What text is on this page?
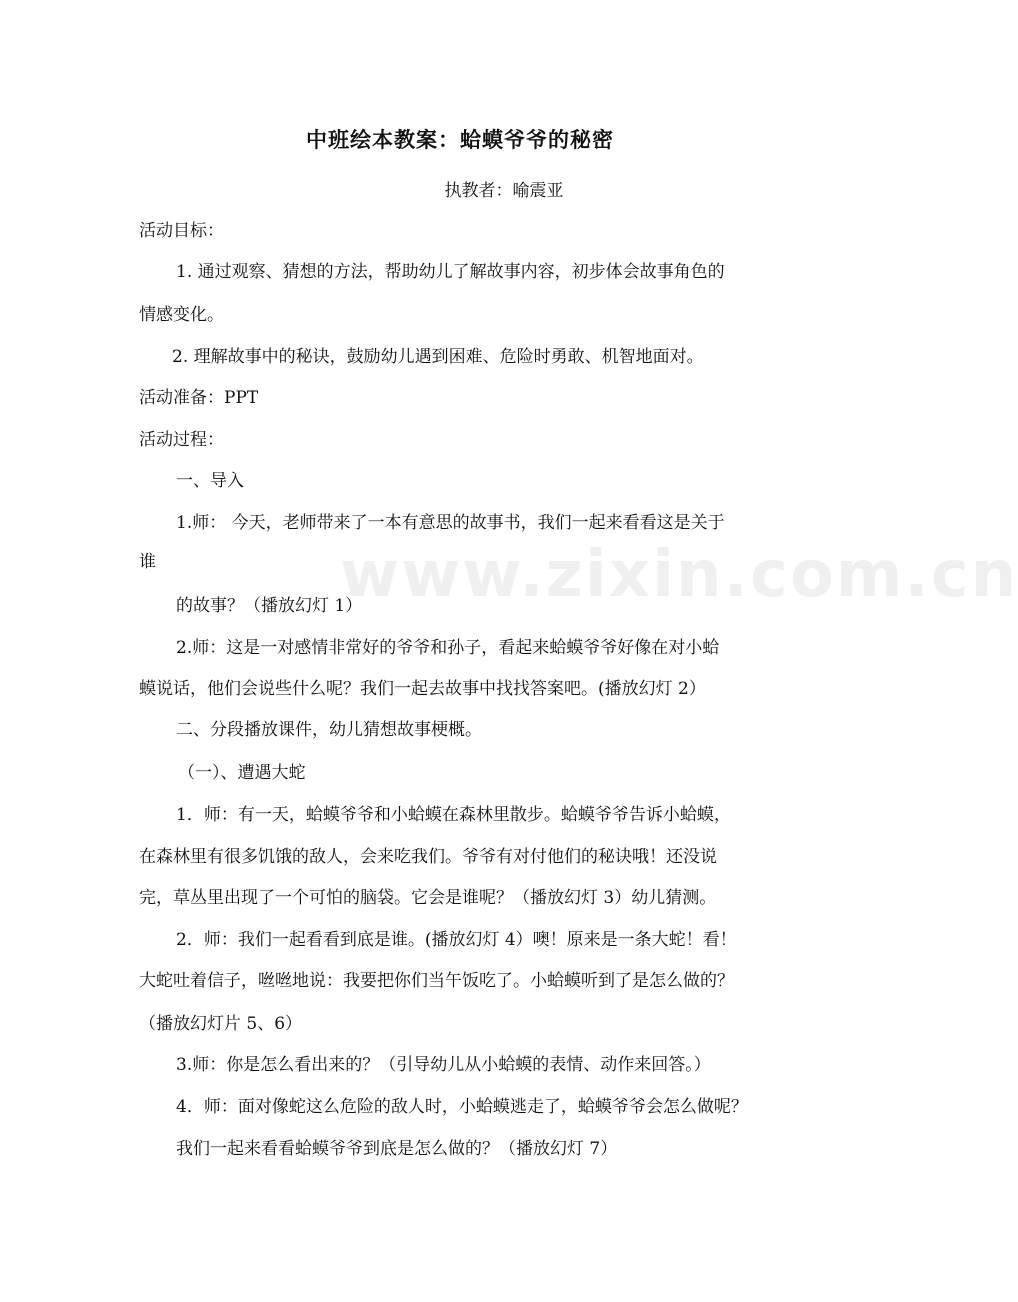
www.zixin.com.cn
中班绘本教案：蛤蟆爷爷的秘密
执教者：喻震亚
活动目标：
1. 通过观察、猜想的方法，帮助幼儿了解故事内容，初步体会故事角色的
情感变化。
2. 理解故事中的秘诀，鼓励幼儿遇到困难、危险时勇敢、机智地面对。
活动准备：PPT
活动过程：
一、导入
1.师： 今天，老师带来了一本有意思的故事书，我们一起来看看这是关于
谁
的故事？（播放幻灯 1）
2.师：这是一对感情非常好的爷爷和孙子，看起来蛤蟆爷爷好像在对小蛤
蟆说话，他们会说些什么呢？我们一起去故事中找找答案吧。(播放幻灯 2）
二、分段播放课件，幼儿猜想故事梗概。
（一）、遭遇大蛇
1．师：有一天，蛤蟆爷爷和小蛤蟆在森林里散步。蛤蟆爷爷告诉小蛤蟆，
在森林里有很多饥饿的敌人，会来吃我们。爷爷有对付他们的秘诀哦！还没说
完，草丛里出现了一个可怕的脑袋。它会是谁呢？（播放幻灯 3）幼儿猜测。
2．师：我们一起看看到底是谁。(播放幻灯 4）噢！原来是一条大蛇！看！
大蛇吐着信子，咝咝地说：我要把你们当午饭吃了。小蛤蟆听到了是怎么做的？
（播放幻灯片 5、6）
3.师：你是怎么看出来的？（引导幼儿从小蛤蟆的表情、动作来回答。）
4．师：面对像蛇这么危险的敌人时，小蛤蟆逃走了，蛤蟆爷爷会怎么做呢？
我们一起来看看蛤蟆爷爷到底是怎么做的？（播放幻灯 7）
